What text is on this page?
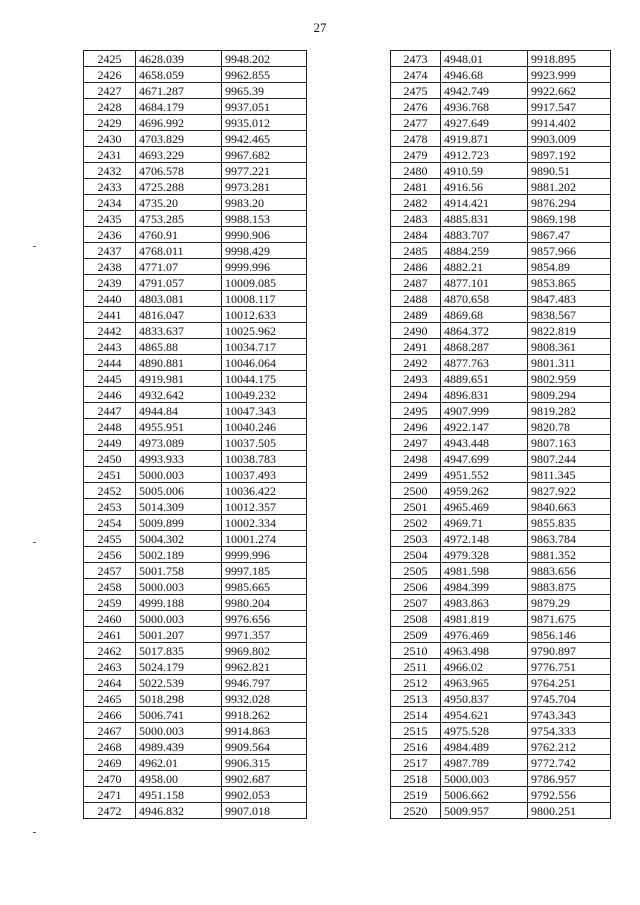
27
2425	4628.039	9948.202
2426	4658.059	9962.855
2427	4671.287	9965.39
2428	4684.179	9937.051
2429	4696.992	9935.012
2430	4703.829	9942.465
2431	4693.229	9967.682
2432	4706.578	9977.221
2433	4725.288	9973.281
2434	4735.20	9983.20
2435	4753.285	9988.153
2436	4760.91	9990.906
2437	4768.011	9998.429
2438	4771.07	9999.996
2439	4791.057	10009.085
2440	4803.081	10008.117
2441	4816.047	10012.633
2442	4833.637	10025.962
2443	4865.88	10034.717
2444	4890.881	10046.064
2445	4919.981	10044.175
2446	4932.642	10049.232
2447	4944.84	10047.343
2448	4955.951	10040.246
2449	4973.089	10037.505
2450	4993.933	10038.783
2451	5000.003	10037.493
2452	5005.006	10036.422
2453	5014.309	10012.357
2454	5009.899	10002.334
2455	5004.302	10001.274
2456	5002.189	9999.996
2457	5001.758	9997.185
2458	5000.003	9985.665
2459	4999.188	9980.204
2460	5000.003	9976.656
2461	5001.207	9971.357
2462	5017.835	9969.802
2463	5024.179	9962.821
2464	5022.539	9946.797
2465	5018.298	9932.028
2466	5006.741	9918.262
2467	5000.003	9914.863
2468	4989.439	9909.564
2469	4962.01	9906.315
2470	4958.00	9902.687
2471	4951.158	9902.053
2472	4946.832	9907.018
2473	4948.01	9918.895
2474	4946.68	9923.999
2475	4942.749	9922.662
2476	4936.768	9917.547
2477	4927.649	9914.402
2478	4919.871	9903.009
2479	4912.723	9897.192
2480	4910.59	9890.51
2481	4916.56	9881.202
2482	4914.421	9876.294
2483	4885.831	9869.198
2484	4883.707	9867.47
2485	4884.259	9857.966
2486	4882.21	9854.89
2487	4877.101	9853.865
2488	4870.658	9847.483
2489	4869.68	9838.567
2490	4864.372	9822.819
2491	4868.287	9808.361
2492	4877.763	9801.311
2493	4889.651	9802.959
2494	4896.831	9809.294
2495	4907.999	9819.282
2496	4922.147	9820.78
2497	4943.448	9807.163
2498	4947.699	9807.244
2499	4951.552	9811.345
2500	4959.262	9827.922
2501	4965.469	9840.663
2502	4969.71	9855.835
2503	4972.148	9863.784
2504	4979.328	9881.352
2505	4981.598	9883.656
2506	4984.399	9883.875
2507	4983.863	9879.29
2508	4981.819	9871.675
2509	4976.469	9856.146
2510	4963.498	9790.897
2511	4966.02	9776.751
2512	4963.965	9764.251
2513	4950.837	9745.704
2514	4954.621	9743.343
2515	4975.528	9754.333
2516	4984.489	9762.212
2517	4987.789	9772.742
2518	5000.003	9786.957
2519	5006.662	9792.556
2520	5009.957	9800.251
